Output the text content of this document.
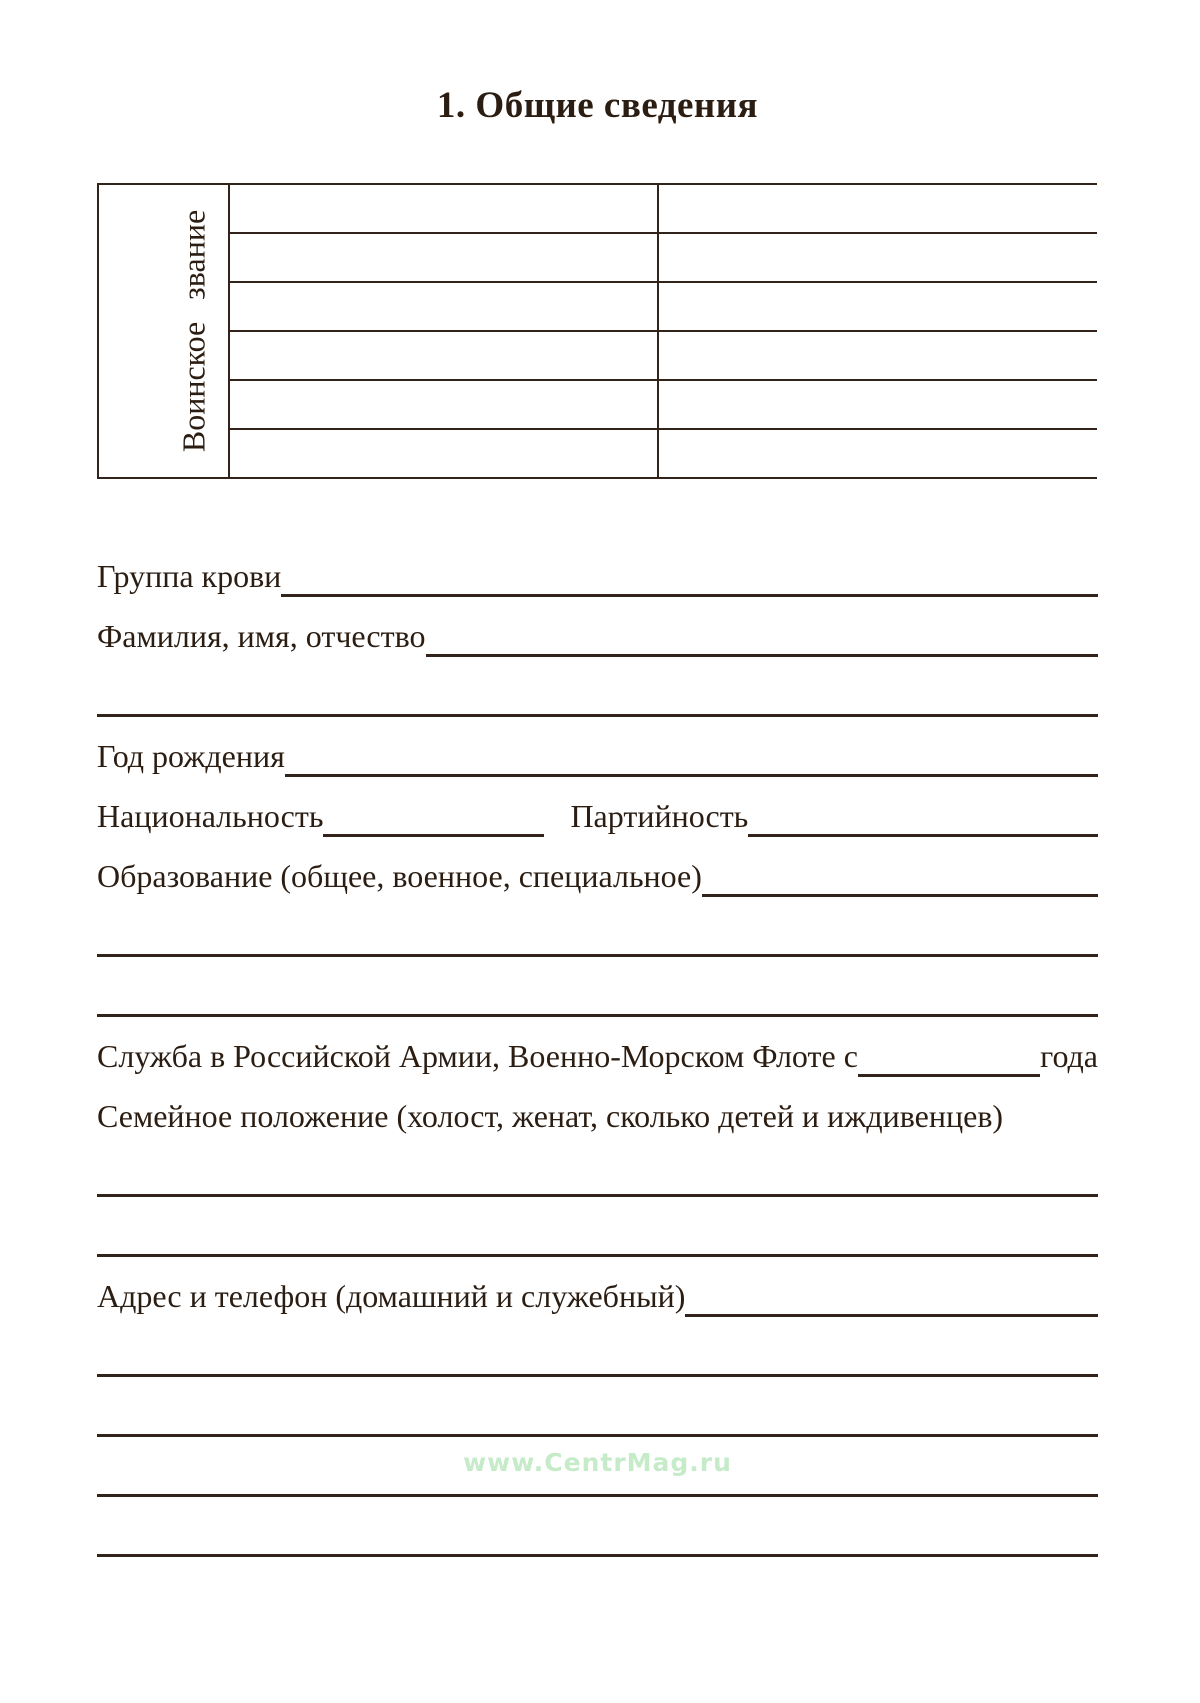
1. Общие сведения
Воинское звание
Группа крови
Фамилия, имя, отчество
Год рождения
Национальность	Партийность
Образование (общее, военное, специальное)
Служба в Российской Армии, Военно-Морском Флоте с	года
Семейное положение (холост, женат, сколько детей и иждивенцев)
Адрес и телефон (домашний и служебный)
www.CentrMag.ru
